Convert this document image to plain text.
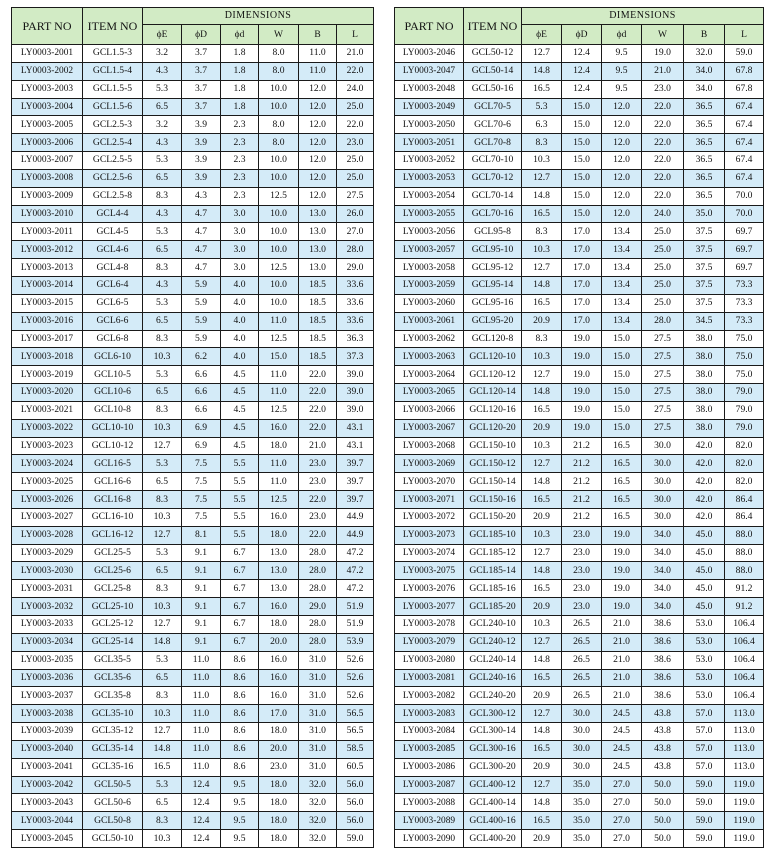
PART NO	ITEM NO	DIMENSIONS					
		ϕE	ϕD	ϕd	W	B	L
LY0003-2001	GCL1.5-3	3.2	3.7	1.8	8.0	11.0	21.0
LY0003-2002	GCL1.5-4	4.3	3.7	1.8	8.0	11.0	22.0
LY0003-2003	GCL1.5-5	5.3	3.7	1.8	10.0	12.0	24.0
LY0003-2004	GCL1.5-6	6.5	3.7	1.8	10.0	12.0	25.0
LY0003-2005	GCL2.5-3	3.2	3.9	2.3	8.0	12.0	22.0
LY0003-2006	GCL2.5-4	4.3	3.9	2.3	8.0	12.0	23.0
LY0003-2007	GCL2.5-5	5.3	3.9	2.3	10.0	12.0	25.0
LY0003-2008	GCL2.5-6	6.5	3.9	2.3	10.0	12.0	25.0
LY0003-2009	GCL2.5-8	8.3	4.3	2.3	12.5	12.0	27.5
LY0003-2010	GCL4-4	4.3	4.7	3.0	10.0	13.0	26.0
LY0003-2011	GCL4-5	5.3	4.7	3.0	10.0	13.0	27.0
LY0003-2012	GCL4-6	6.5	4.7	3.0	10.0	13.0	28.0
LY0003-2013	GCL4-8	8.3	4.7	3.0	12.5	13.0	29.0
LY0003-2014	GCL6-4	4.3	5.9	4.0	10.0	18.5	33.6
LY0003-2015	GCL6-5	5.3	5.9	4.0	10.0	18.5	33.6
LY0003-2016	GCL6-6	6.5	5.9	4.0	11.0	18.5	33.6
LY0003-2017	GCL6-8	8.3	5.9	4.0	12.5	18.5	36.3
LY0003-2018	GCL6-10	10.3	6.2	4.0	15.0	18.5	37.3
LY0003-2019	GCL10-5	5.3	6.6	4.5	11.0	22.0	39.0
LY0003-2020	GCL10-6	6.5	6.6	4.5	11.0	22.0	39.0
LY0003-2021	GCL10-8	8.3	6.6	4.5	12.5	22.0	39.0
LY0003-2022	GCL10-10	10.3	6.9	4.5	16.0	22.0	43.1
LY0003-2023	GCL10-12	12.7	6.9	4.5	18.0	21.0	43.1
LY0003-2024	GCL16-5	5.3	7.5	5.5	11.0	23.0	39.7
LY0003-2025	GCL16-6	6.5	7.5	5.5	11.0	23.0	39.7
LY0003-2026	GCL16-8	8.3	7.5	5.5	12.5	22.0	39.7
LY0003-2027	GCL16-10	10.3	7.5	5.5	16.0	23.0	44.9
LY0003-2028	GCL16-12	12.7	8.1	5.5	18.0	22.0	44.9
LY0003-2029	GCL25-5	5.3	9.1	6.7	13.0	28.0	47.2
LY0003-2030	GCL25-6	6.5	9.1	6.7	13.0	28.0	47.2
LY0003-2031	GCL25-8	8.3	9.1	6.7	13.0	28.0	47.2
LY0003-2032	GCL25-10	10.3	9.1	6.7	16.0	29.0	51.9
LY0003-2033	GCL25-12	12.7	9.1	6.7	18.0	28.0	51.9
LY0003-2034	GCL25-14	14.8	9.1	6.7	20.0	28.0	53.9
LY0003-2035	GCL35-5	5.3	11.0	8.6	16.0	31.0	52.6
LY0003-2036	GCL35-6	6.5	11.0	8.6	16.0	31.0	52.6
LY0003-2037	GCL35-8	8.3	11.0	8.6	16.0	31.0	52.6
LY0003-2038	GCL35-10	10.3	11.0	8.6	17.0	31.0	56.5
LY0003-2039	GCL35-12	12.7	11.0	8.6	18.0	31.0	56.5
LY0003-2040	GCL35-14	14.8	11.0	8.6	20.0	31.0	58.5
LY0003-2041	GCL35-16	16.5	11.0	8.6	23.0	31.0	60.5
LY0003-2042	GCL50-5	5.3	12.4	9.5	18.0	32.0	56.0
LY0003-2043	GCL50-6	6.5	12.4	9.5	18.0	32.0	56.0
LY0003-2044	GCL50-8	8.3	12.4	9.5	18.0	32.0	56.0
LY0003-2045	GCL50-10	10.3	12.4	9.5	18.0	32.0	59.0
PART NO	ITEM NO	DIMENSIONS					
		ϕE	ϕD	ϕd	W	B	L
LY0003-2046	GCL50-12	12.7	12.4	9.5	19.0	32.0	59.0
LY0003-2047	GCL50-14	14.8	12.4	9.5	21.0	34.0	67.8
LY0003-2048	GCL50-16	16.5	12.4	9.5	23.0	34.0	67.8
LY0003-2049	GCL70-5	5.3	15.0	12.0	22.0	36.5	67.4
LY0003-2050	GCL70-6	6.3	15.0	12.0	22.0	36.5	67.4
LY0003-2051	GCL70-8	8.3	15.0	12.0	22.0	36.5	67.4
LY0003-2052	GCL70-10	10.3	15.0	12.0	22.0	36.5	67.4
LY0003-2053	GCL70-12	12.7	15.0	12.0	22.0	36.5	67.4
LY0003-2054	GCL70-14	14.8	15.0	12.0	22.0	36.5	70.0
LY0003-2055	GCL70-16	16.5	15.0	12.0	24.0	35.0	70.0
LY0003-2056	GCL95-8	8.3	17.0	13.4	25.0	37.5	69.7
LY0003-2057	GCL95-10	10.3	17.0	13.4	25.0	37.5	69.7
LY0003-2058	GCL95-12	12.7	17.0	13.4	25.0	37.5	69.7
LY0003-2059	GCL95-14	14.8	17.0	13.4	25.0	37.5	73.3
LY0003-2060	GCL95-16	16.5	17.0	13.4	25.0	37.5	73.3
LY0003-2061	GCL95-20	20.9	17.0	13.4	28.0	34.5	73.3
LY0003-2062	GCL120-8	8.3	19.0	15.0	27.5	38.0	75.0
LY0003-2063	GCL120-10	10.3	19.0	15.0	27.5	38.0	75.0
LY0003-2064	GCL120-12	12.7	19.0	15.0	27.5	38.0	75.0
LY0003-2065	GCL120-14	14.8	19.0	15.0	27.5	38.0	79.0
LY0003-2066	GCL120-16	16.5	19.0	15.0	27.5	38.0	79.0
LY0003-2067	GCL120-20	20.9	19.0	15.0	27.5	38.0	79.0
LY0003-2068	GCL150-10	10.3	21.2	16.5	30.0	42.0	82.0
LY0003-2069	GCL150-12	12.7	21.2	16.5	30.0	42.0	82.0
LY0003-2070	GCL150-14	14.8	21.2	16.5	30.0	42.0	82.0
LY0003-2071	GCL150-16	16.5	21.2	16.5	30.0	42.0	86.4
LY0003-2072	GCL150-20	20.9	21.2	16.5	30.0	42.0	86.4
LY0003-2073	GCL185-10	10.3	23.0	19.0	34.0	45.0	88.0
LY0003-2074	GCL185-12	12.7	23.0	19.0	34.0	45.0	88.0
LY0003-2075	GCL185-14	14.8	23.0	19.0	34.0	45.0	88.0
LY0003-2076	GCL185-16	16.5	23.0	19.0	34.0	45.0	91.2
LY0003-2077	GCL185-20	20.9	23.0	19.0	34.0	45.0	91.2
LY0003-2078	GCL240-10	10.3	26.5	21.0	38.6	53.0	106.4
LY0003-2079	GCL240-12	12.7	26.5	21.0	38.6	53.0	106.4
LY0003-2080	GCL240-14	14.8	26.5	21.0	38.6	53.0	106.4
LY0003-2081	GCL240-16	16.5	26.5	21.0	38.6	53.0	106.4
LY0003-2082	GCL240-20	20.9	26.5	21.0	38.6	53.0	106.4
LY0003-2083	GCL300-12	12.7	30.0	24.5	43.8	57.0	113.0
LY0003-2084	GCL300-14	14.8	30.0	24.5	43.8	57.0	113.0
LY0003-2085	GCL300-16	16.5	30.0	24.5	43.8	57.0	113.0
LY0003-2086	GCL300-20	20.9	30.0	24.5	43.8	57.0	113.0
LY0003-2087	GCL400-12	12.7	35.0	27.0	50.0	59.0	119.0
LY0003-2088	GCL400-14	14.8	35.0	27.0	50.0	59.0	119.0
LY0003-2089	GCL400-16	16.5	35.0	27.0	50.0	59.0	119.0
LY0003-2090	GCL400-20	20.9	35.0	27.0	50.0	59.0	119.0
